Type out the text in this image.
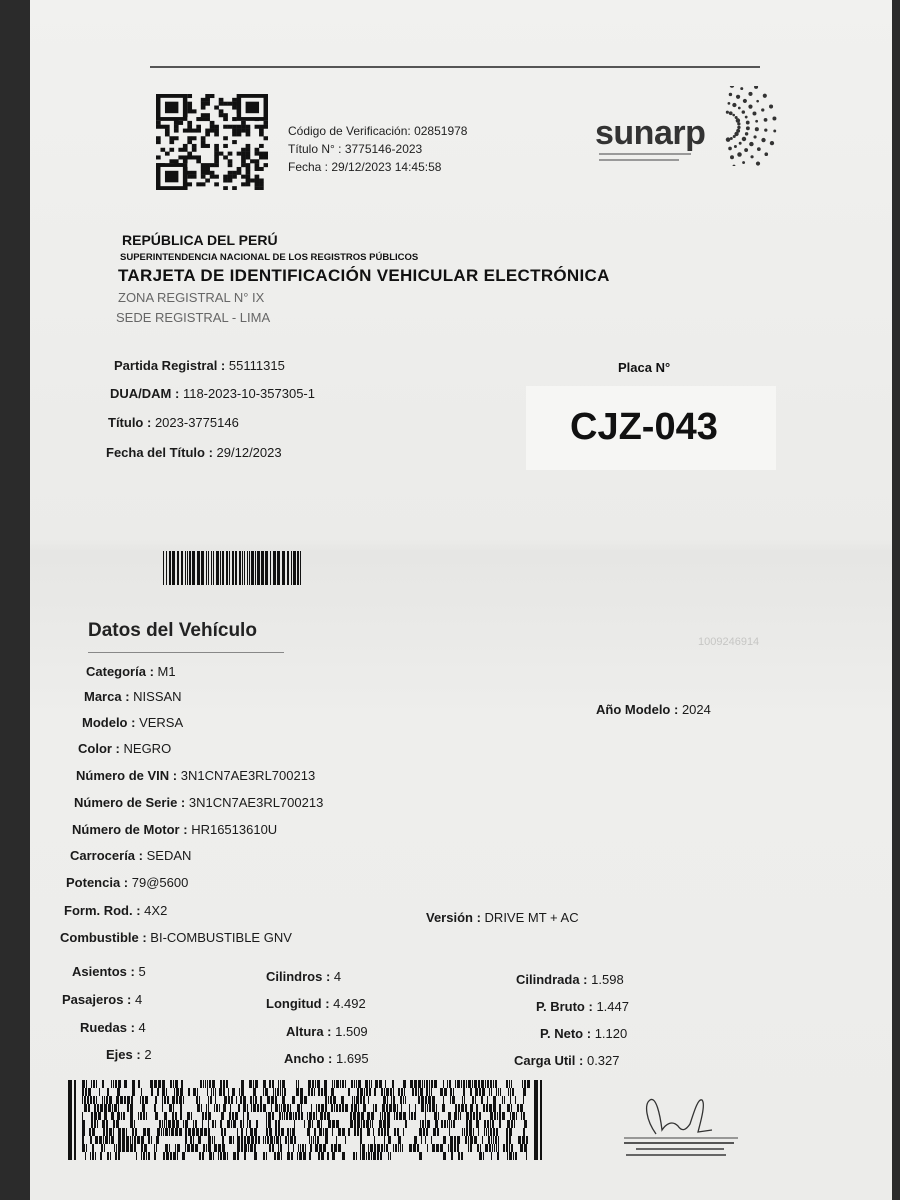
Código de Verificación: 02851978
Título N° : 3775146-2023
Fecha : 29/12/2023 14:45:58
sunarp
REPÚBLICA DEL PERÚ
SUPERINTENDENCIA NACIONAL DE LOS REGISTROS PÚBLICOS
TARJETA DE IDENTIFICACIÓN VEHICULAR ELECTRÓNICA
ZONA REGISTRAL N° IX
SEDE REGISTRAL - LIMA
Partida Registral : 55111315
DUA/DAM : 118-2023-10-357305-1
Título : 2023-3775146
Fecha del Título : 29/12/2023
Placa N°
CJZ-043
Datos del Vehículo
1009246914
Categoría : M1
Marca : NISSAN
Modelo : VERSA
Año Modelo : 2024
Color : NEGRO
Número de VIN : 3N1CN7AE3RL700213
Número de Serie : 3N1CN7AE3RL700213
Número de Motor : HR16513610U
Carrocería : SEDAN
Potencia : 79@5600
Form. Rod. : 4X2	Versión : DRIVE MT + AC
Combustible : BI-COMBUSTIBLE GNV
Asientos : 5
Pasajeros : 4
Ruedas : 4
Ejes : 2
Cilindros : 4
Longitud : 4.492
Altura : 1.509
Ancho : 1.695
Cilindrada : 1.598
P. Bruto : 1.447
P. Neto : 1.120
Carga Util : 0.327
